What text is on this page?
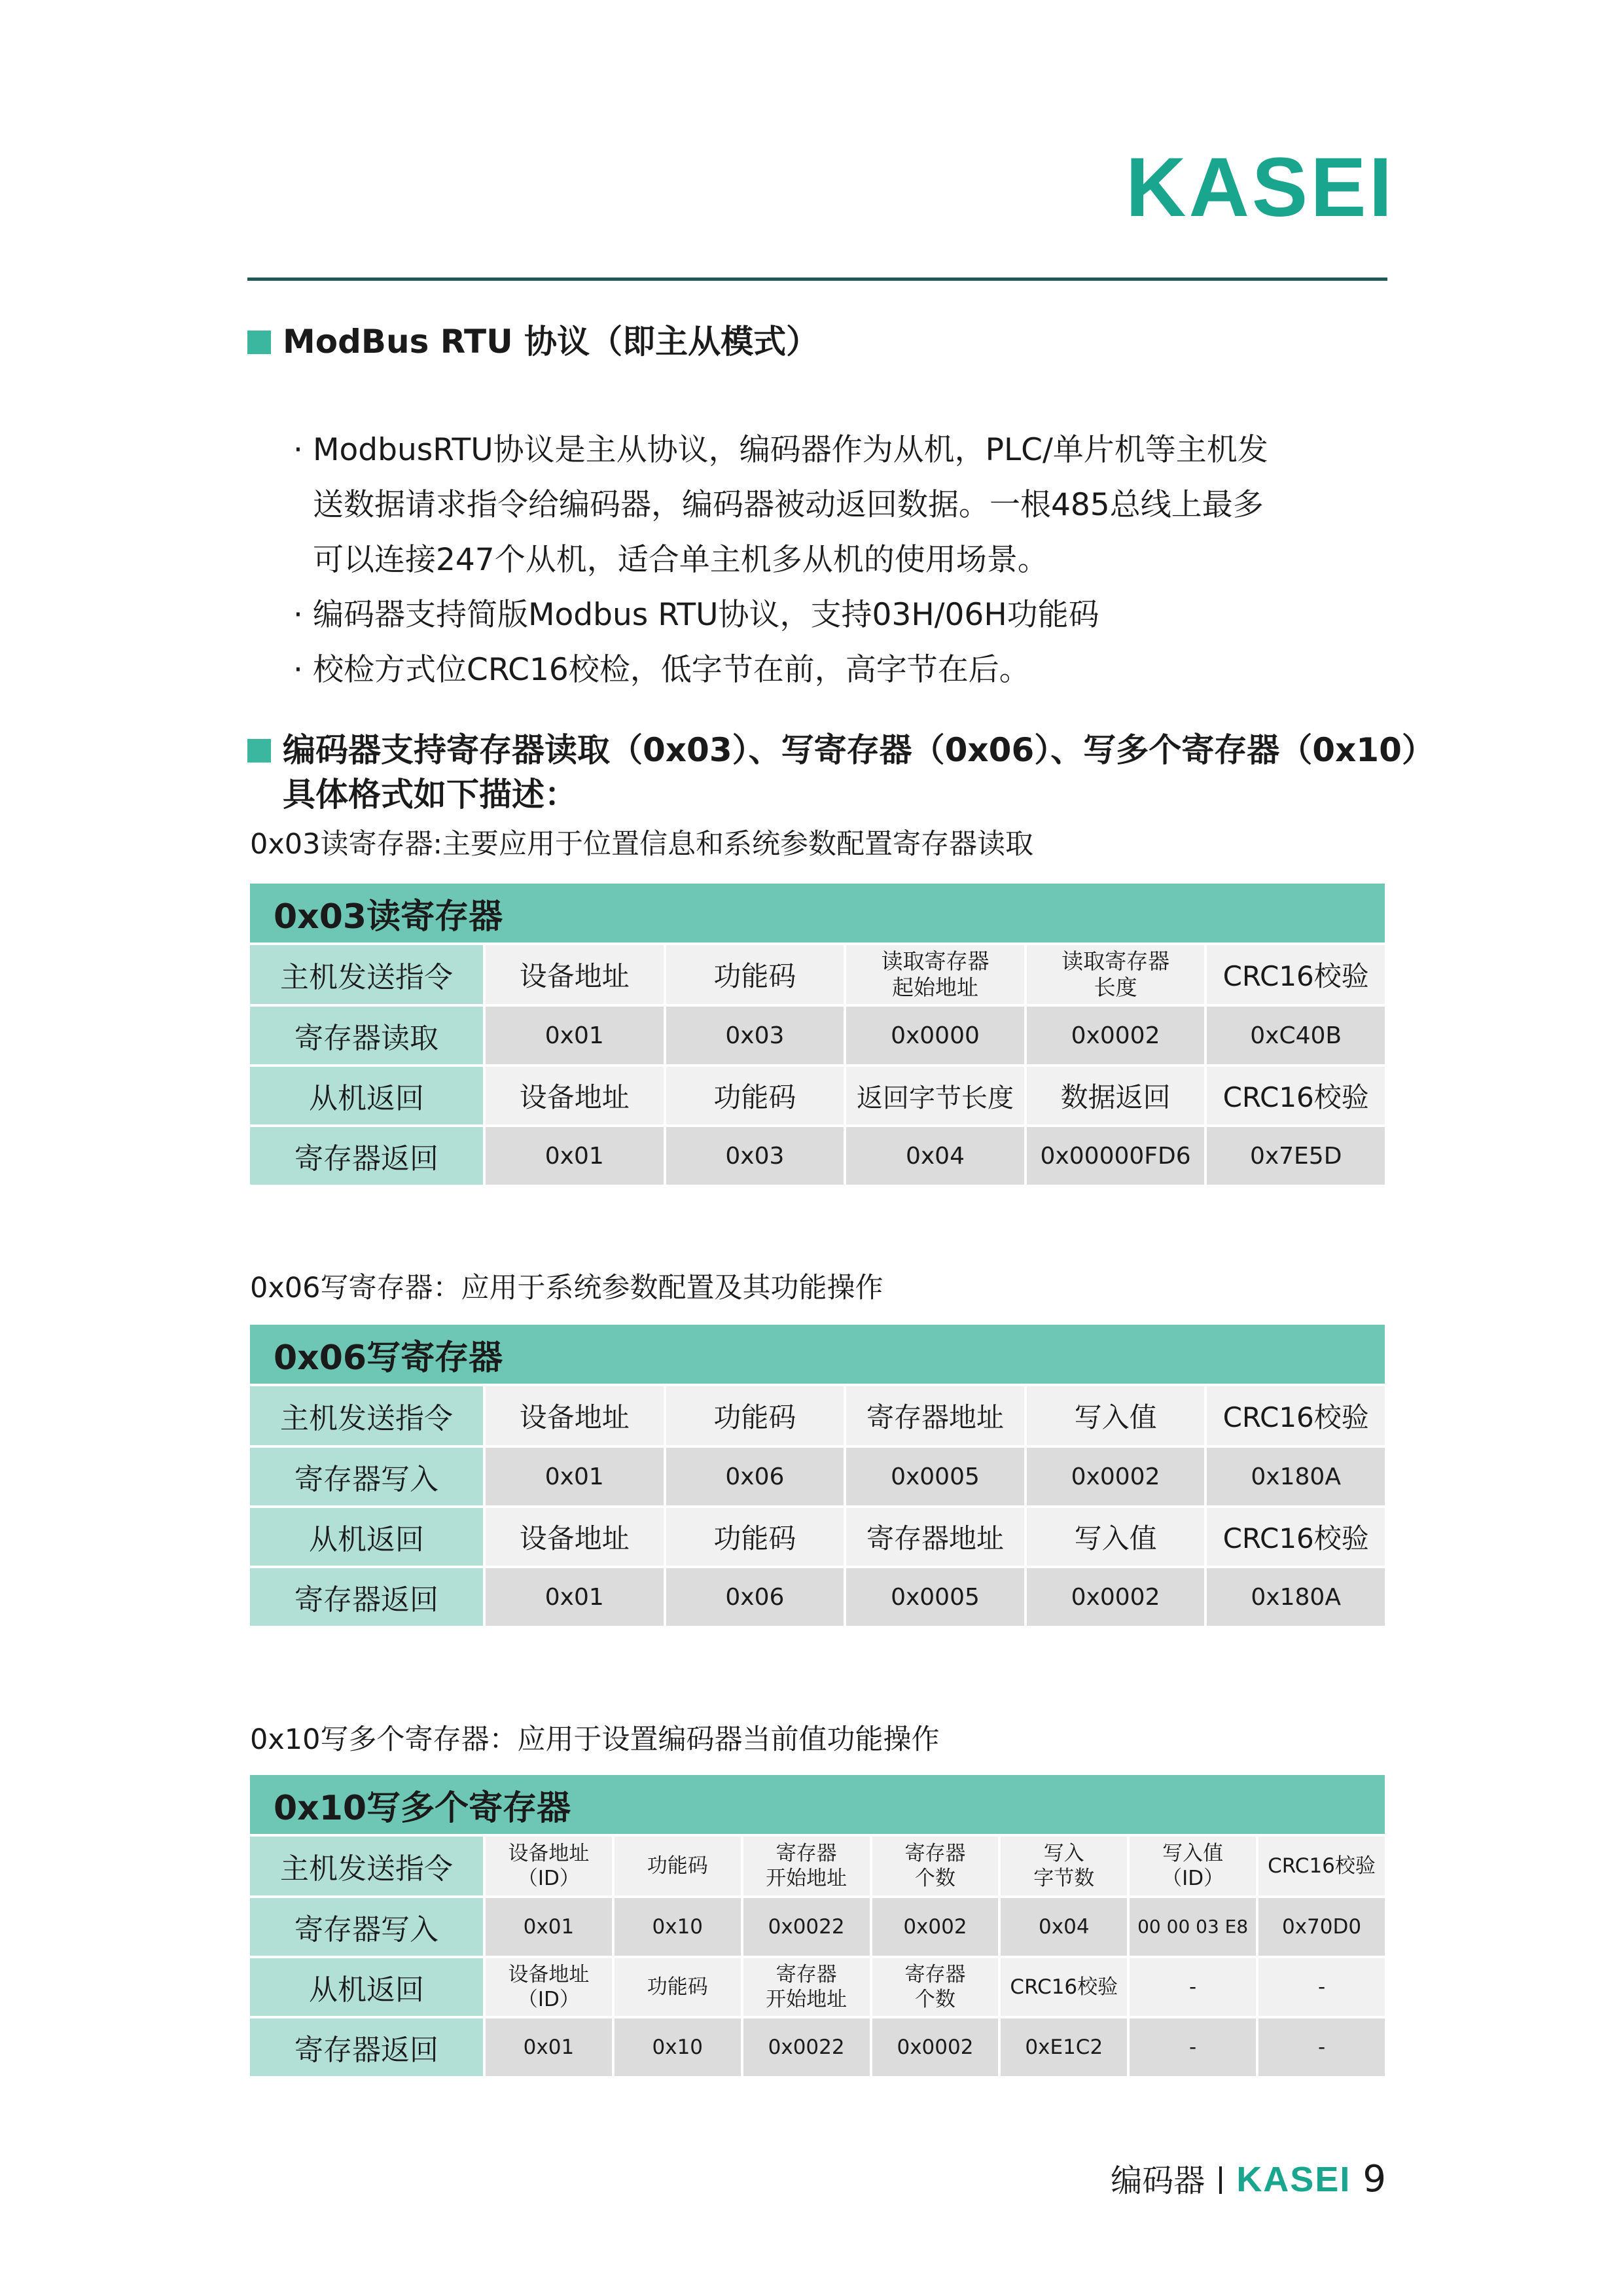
KASEI
ModBus RTU 协议（即主从模式）
· ModbusRTU协议是主从协议，编码器作为从机，PLC/单片机等主机发
送数据请求指令给编码器，编码器被动返回数据。一根485总线上最多
可以连接247个从机，适合单主机多从机的使用场景。
· 编码器支持简版Modbus RTU协议，支持03H/06H功能码
· 校检方式位CRC16校检，低字节在前，高字节在后。
编码器支持寄存器读取（0x03）、写寄存器（0x06）、写多个寄存器（0x10）
具体格式如下描述：
0x03读寄存器:主要应用于位置信息和系统参数配置寄存器读取
0x03读寄存器					
主机发送指令	设备地址	功能码	读取寄存器
起始地址	读取寄存器
长度	CRC16校验
寄存器读取	0x01	0x03	0x0000	0x0002	0xC40B
从机返回	设备地址	功能码	返回字节长度	数据返回	CRC16校验
寄存器返回	0x01	0x03	0x04	0x00000FD6	0x7E5D
0x06写寄存器：应用于系统参数配置及其功能操作
0x06写寄存器					
主机发送指令	设备地址	功能码	寄存器地址	写入值	CRC16校验
寄存器写入	0x01	0x06	0x0005	0x0002	0x180A
从机返回	设备地址	功能码	寄存器地址	写入值	CRC16校验
寄存器返回	0x01	0x06	0x0005	0x0002	0x180A
0x10写多个寄存器：应用于设置编码器当前值功能操作
0x10写多个寄存器							
主机发送指令	设备地址
（ID）	功能码	寄存器
开始地址	寄存器
个数	写入
字节数	写入值
（ID）	CRC16校验
寄存器写入	0x01	0x10	0x0022	0x002	0x04	00 00 03 E8	0x70D0
从机返回	设备地址
（ID）	功能码	寄存器
开始地址	寄存器
个数	CRC16校验	-	-
寄存器返回	0x01	0x10	0x0022	0x0002	0xE1C2	-	-
编码器 KASEI 9
